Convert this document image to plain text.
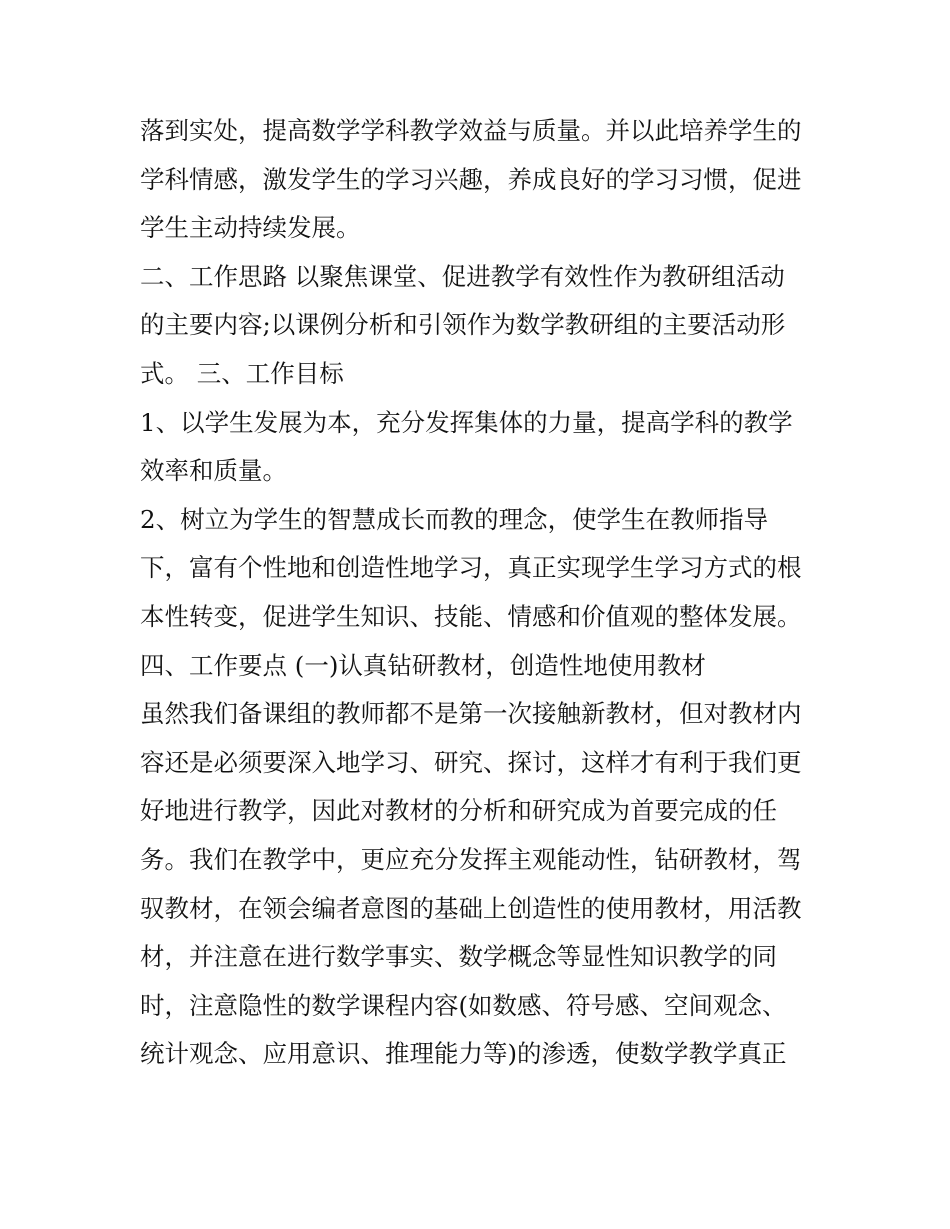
落到实处，提高数学学科教学效益与质量。并以此培养学生的
学科情感，激发学生的学习兴趣，养成良好的学习习惯，促进
学生主动持续发展。
二、工作思路 以聚焦课堂、促进教学有效性作为教研组活动
的主要内容;以课例分析和引领作为数学教研组的主要活动形
式。 三、工作目标
1、以学生发展为本，充分发挥集体的力量，提高学科的教学
效率和质量。
2、树立为学生的智慧成长而教的理念，使学生在教师指导
下，富有个性地和创造性地学习，真正实现学生学习方式的根
本性转变，促进学生知识、技能、情感和价值观的整体发展。
四、工作要点 (一)认真钻研教材，创造性地使用教材
虽然我们备课组的教师都不是第一次接触新教材，但对教材内
容还是必须要深入地学习、研究、探讨，这样才有利于我们更
好地进行教学，因此对教材的分析和研究成为首要完成的任
务。我们在教学中，更应充分发挥主观能动性，钻研教材，驾
驭教材，在领会编者意图的基础上创造性的使用教材，用活教
材，并注意在进行数学事实、数学概念等显性知识教学的同
时，注意隐性的数学课程内容(如数感、符号感、空间观念、
统计观念、应用意识、推理能力等)的渗透，使数学教学真正
